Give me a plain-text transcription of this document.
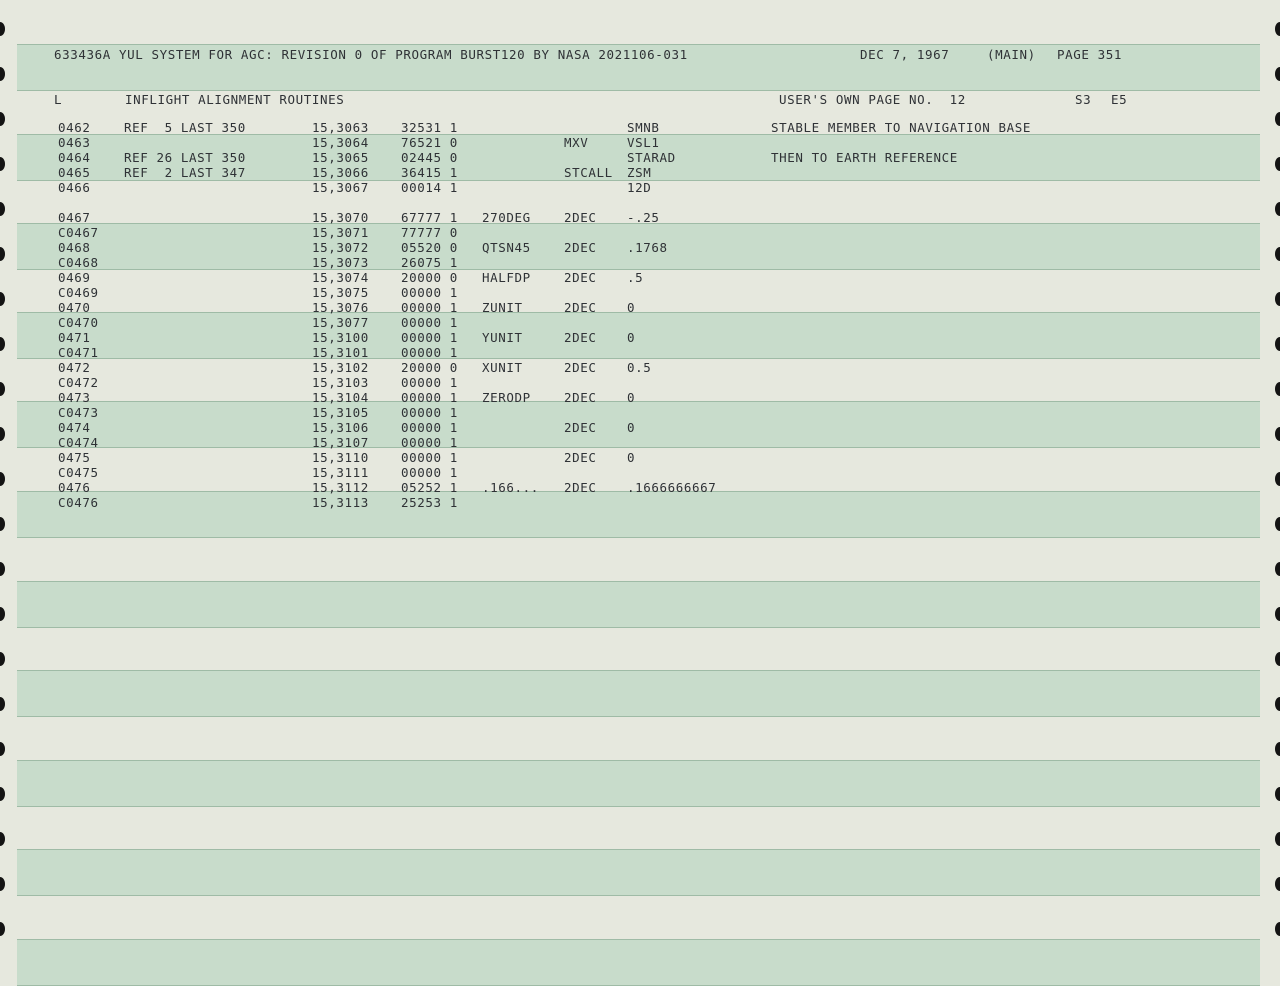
633436A YUL SYSTEM FOR AGC: REVISION 0 OF PROGRAM BURST120 BY NASA 2021106-031	DEC 7, 1967	(MAIN) PAGE 351
L	INFLIGHT ALIGNMENT ROUTINES	USER'S OWN PAGE NO.  12	S3 E5
0462	REF  5 LAST 350	15,3063	32531 1	SMNB	STABLE MEMBER TO NAVIGATION BASE
0463	15,3064	76521 0	MXV	VSL1
0464	REF 26 LAST 350	15,3065	02445 0	STARAD	THEN TO EARTH REFERENCE
0465	REF  2 LAST 347	15,3066	36415 1	STCALL ZSM
0466	15,3067	00014 1	12D
0467	15,3070	67777 1 270DEG	2DEC -.25
C0467	15,3071	77777 0
0468	15,3072	05520 0 QTSN45	2DEC .1768
C0468	15,3073	26075 1
0469	15,3074	20000 0 HALFDP	2DEC .5
C0469	15,3075	00000 1
0470	15,3076	00000 1 ZUNIT	2DEC 0
C0470	15,3077	00000 1
0471	15,3100	00000 1 YUNIT	2DEC 0
C0471	15,3101	00000 1
0472	15,3102	20000 0 XUNIT	2DEC 0.5
C0472	15,3103	00000 1
0473	15,3104	00000 1 ZERODP	2DEC 0
C0473	15,3105	00000 1
0474	15,3106	00000 1	2DEC 0
C0474	15,3107	00000 1
0475	15,3110	00000 1	2DEC 0
C0475	15,3111	00000 1
0476	15,3112	05252 1 .166... 2DEC .1666666667
C0476	15,3113	25253 1
